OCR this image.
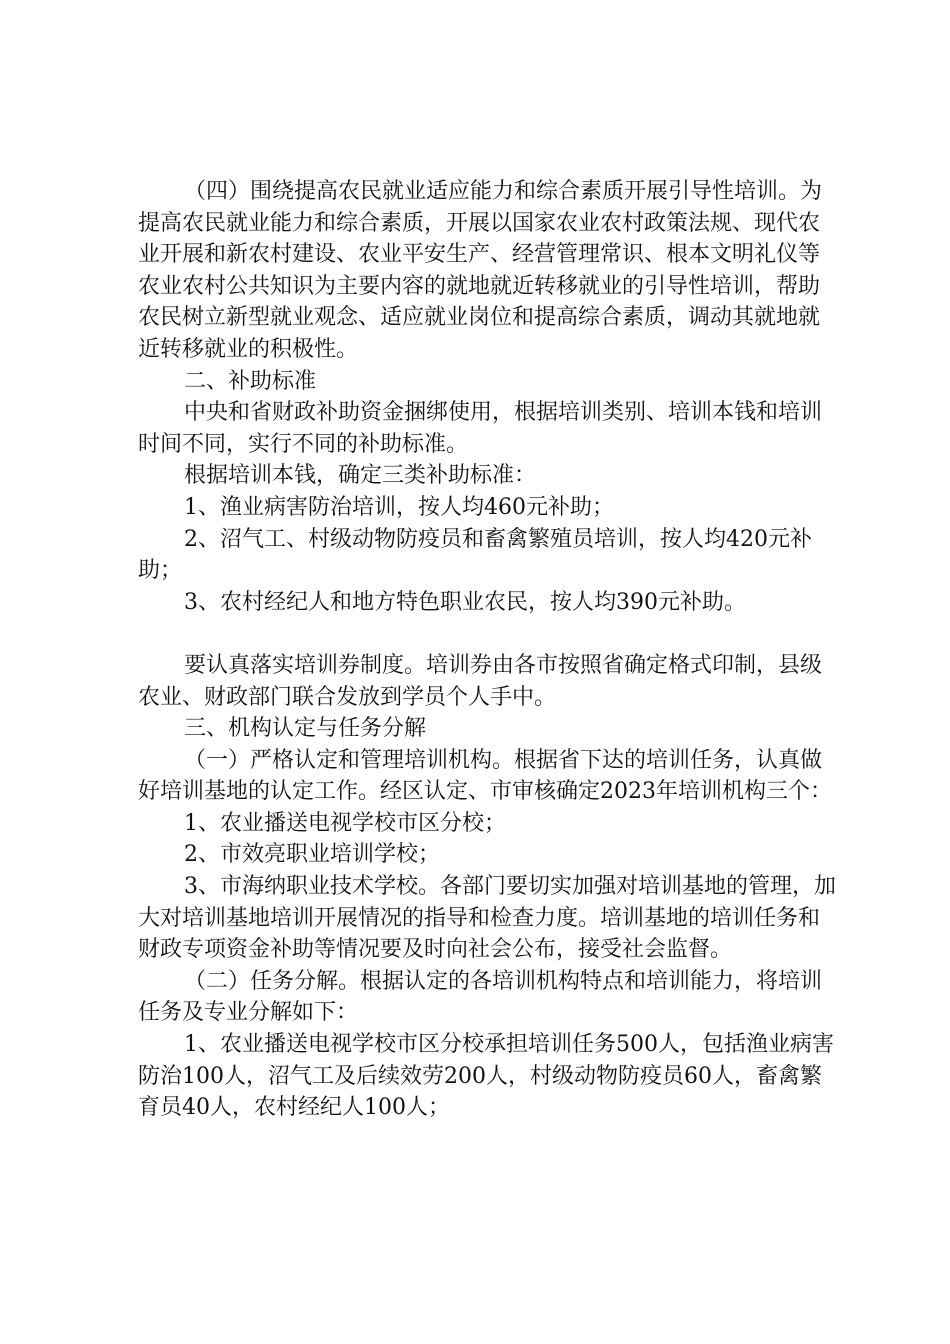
（四）围绕提高农民就业适应能力和综合素质开展引导性培训。为提高农民就业能力和综合素质，开展以国家农业农村政策法规、现代农业开展和新农村建设、农业平安生产、经营管理常识、根本文明礼仪等农业农村公共知识为主要内容的就地就近转移就业的引导性培训，帮助农民树立新型就业观念、适应就业岗位和提高综合素质，调动其就地就近转移就业的积极性。

二、补助标准

中央和省财政补助资金捆绑使用，根据培训类别、培训本钱和培训时间不同，实行不同的补助标准。

根据培训本钱，确定三类补助标准：

1、渔业病害防治培训，按人均460元补助；

2、沼气工、村级动物防疫员和畜禽繁殖员培训，按人均420元补助；

3、农村经纪人和地方特色职业农民，按人均390元补助。

要认真落实培训券制度。培训券由各市按照省确定格式印制，县级农业、财政部门联合发放到学员个人手中。

三、机构认定与任务分解

（一）严格认定和管理培训机构。根据省下达的培训任务，认真做好培训基地的认定工作。经区认定、市审核确定2023年培训机构三个：

1、农业播送电视学校市区分校；

2、市效亮职业培训学校；

3、市海纳职业技术学校。各部门要切实加强对培训基地的管理，加大对培训基地培训开展情况的指导和检查力度。培训基地的培训任务和财政专项资金补助等情况要及时向社会公布，接受社会监督。

（二）任务分解。根据认定的各培训机构特点和培训能力，将培训任务及专业分解如下：

1、农业播送电视学校市区分校承担培训任务500人，包括渔业病害防治100人，沼气工及后续效劳200人，村级动物防疫员60人，畜禽繁育员40人，农村经纪人100人；
